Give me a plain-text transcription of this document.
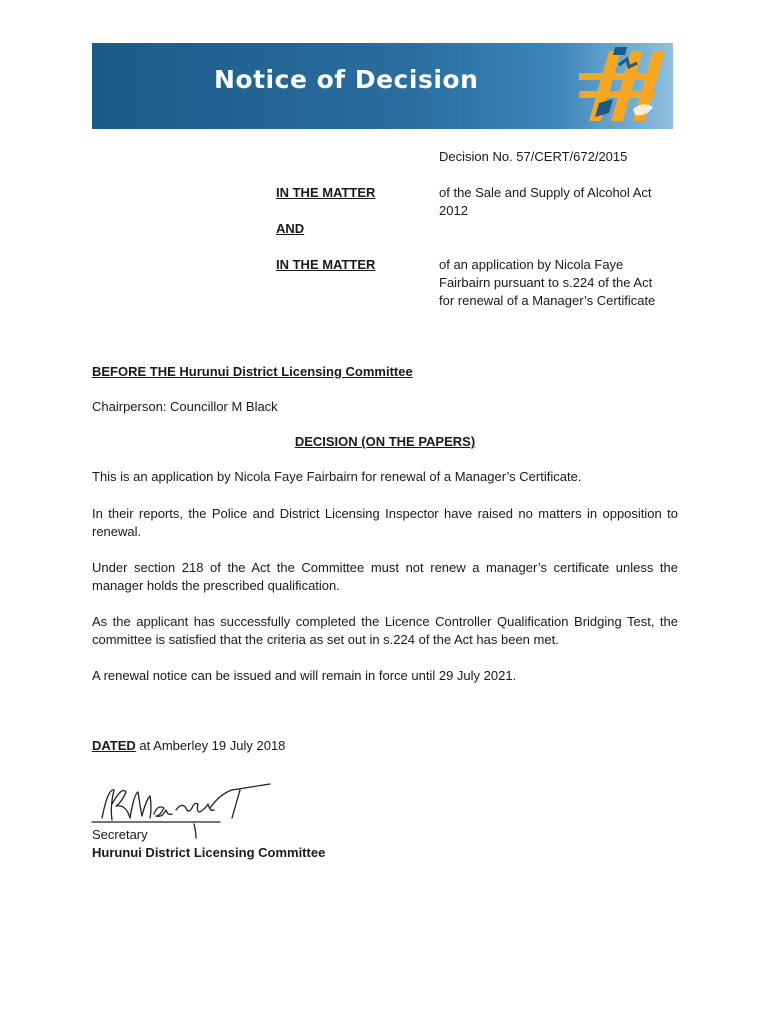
Notice of Decision
Decision No. 57/CERT/672/2015
IN THE MATTER	of the Sale and Supply of Alcohol Act 2012
AND
IN THE MATTER	of an application by Nicola Faye Fairbairn pursuant to s.224 of the Act for renewal of a Manager’s Certificate
BEFORE THE Hurunui District Licensing Committee
Chairperson: Councillor M Black
DECISION (ON THE PAPERS)
This is an application by Nicola Faye Fairbairn for renewal of a Manager’s Certificate.
In their reports, the Police and District Licensing Inspector have raised no matters in opposition to renewal.
Under section 218 of the Act the Committee must not renew a manager’s certificate unless the manager holds the prescribed qualification.
As the applicant has successfully completed the Licence Controller Qualification Bridging Test, the committee is satisfied that the criteria as set out in s.224 of the Act has been met.
A renewal notice can be issued and will remain in force until 29 July 2021.
DATED at Amberley 19 July 2018
Secretary
Hurunui District Licensing Committee
